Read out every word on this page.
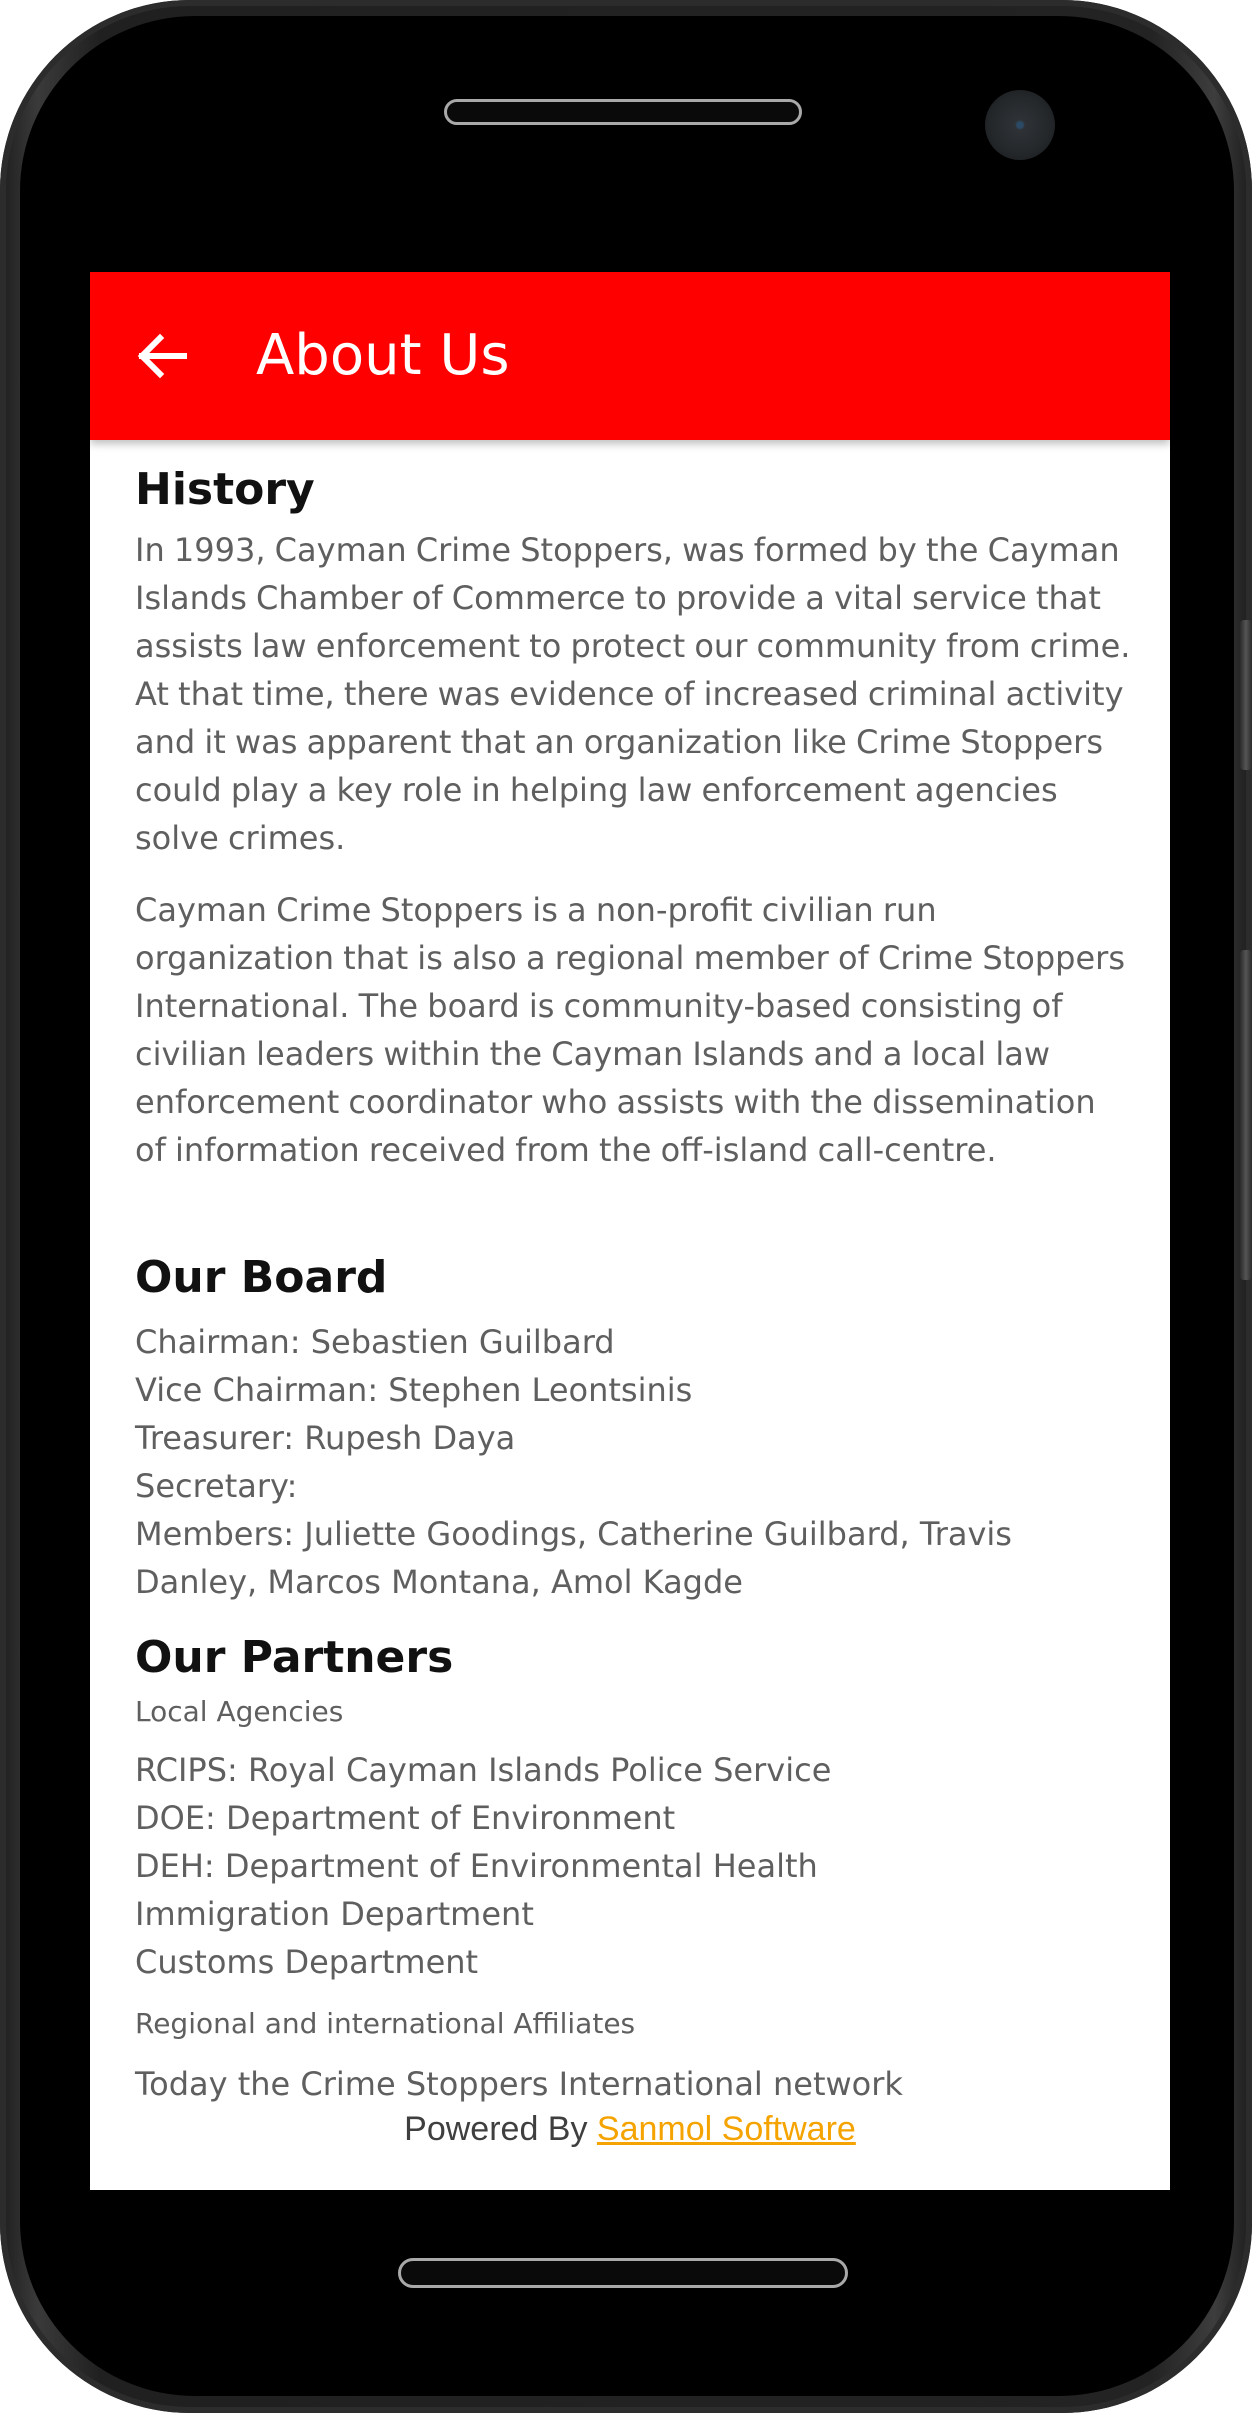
About Us
History

In 1993, Cayman Crime Stoppers, was formed by the Cayman Islands Chamber of Commerce to provide a vital service that assists law enforcement to protect our community from crime. At that time, there was evidence of increased criminal activity and it was apparent that an organization like Crime Stoppers could play a key role in helping law enforcement agencies solve crimes.

Cayman Crime Stoppers is a non-profit civilian run organization that is also a regional member of Crime Stoppers International. The board is community-based consisting of civilian leaders within the Cayman Islands and a local law enforcement coordinator who assists with the dissemination of information received from the off-island call-centre.

Our Board
Chairman: Sebastien Guilbard
Vice Chairman: Stephen Leontsinis
Treasurer: Rupesh Daya
Secretary:
Members: Juliette Goodings, Catherine Guilbard, Travis
Danley, Marcos Montana, Amol Kagde
Our Partners
Local Agencies
RCIPS: Royal Cayman Islands Police Service
DOE: Department of Environment
DEH: Department of Environmental Health
Immigration Department
Customs Department
Regional and international Affiliates
Today the Crime Stoppers International network
Powered By Sanmol Software
